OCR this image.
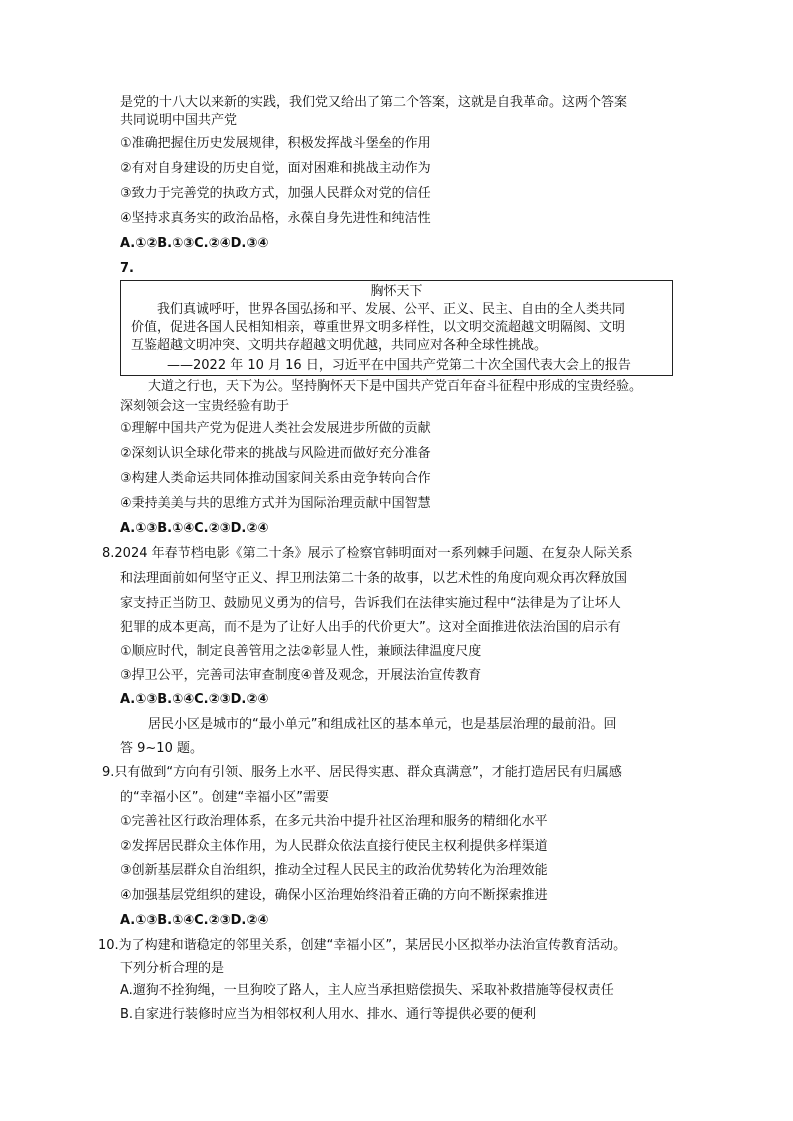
是党的十八大以来新的实践，我们党又给出了第二个答案，这就是自我革命。这两个答案
共同说明中国共产党
①准确把握住历史发展规律，积极发挥战斗堡垒的作用
②有对自身建设的历史自觉，面对困难和挑战主动作为
③致力于完善党的执政方式，加强人民群众对党的信任
④坚持求真务实的政治品格，永葆自身先进性和纯洁性
A.①②B.①③C.②④D.③④
7.
胸怀天下
我们真诚呼吁，世界各国弘扬和平、发展、公平、正义、民主、自由的全人类共同
价值，促进各国人民相知相亲，尊重世界文明多样性，以文明交流超越文明隔阂、文明
互鉴超越文明冲突、文明共存超越文明优越，共同应对各种全球性挑战。
——2022 年 10 月 16 日，习近平在中国共产党第二十次全国代表大会上的报告
大道之行也，天下为公。坚持胸怀天下是中国共产党百年奋斗征程中形成的宝贵经验。
深刻领会这一宝贵经验有助于
①理解中国共产党为促进人类社会发展进步所做的贡献
②深刻认识全球化带来的挑战与风险进而做好充分准备
③构建人类命运共同体推动国家间关系由竞争转向合作
④秉持美美与共的思维方式并为国际治理贡献中国智慧
A.①③B.①④C.②③D.②④
8.2024 年春节档电影《第二十条》展示了检察官韩明面对一系列棘手问题、在复杂人际关系
和法理面前如何坚守正义、捍卫刑法第二十条的故事，以艺术性的角度向观众再次释放国
家支持正当防卫、鼓励见义勇为的信号，告诉我们在法律实施过程中“法律是为了让坏人
犯罪的成本更高，而不是为了让好人出手的代价更大”。这对全面推进依法治国的启示有
①顺应时代，制定良善管用之法②彰显人性，兼顾法律温度尺度
③捍卫公平，完善司法审查制度④普及观念，开展法治宣传教育
A.①③B.①④C.②③D.②④
居民小区是城市的“最小单元”和组成社区的基本单元，也是基层治理的最前沿。回
答 9~10 题。
9.只有做到“方向有引领、服务上水平、居民得实惠、群众真满意”，才能打造居民有归属感
的“幸福小区”。创建“幸福小区”需要
①完善社区行政治理体系，在多元共治中提升社区治理和服务的精细化水平
②发挥居民群众主体作用，为人民群众依法直接行使民主权利提供多样渠道
③创新基层群众自治组织，推动全过程人民民主的政治优势转化为治理效能
④加强基层党组织的建设，确保小区治理始终沿着正确的方向不断探索推进
A.①③B.①④C.②③D.②④
10.为了构建和谐稳定的邻里关系，创建“幸福小区”，某居民小区拟举办法治宣传教育活动。
下列分析合理的是
A.遛狗不拴狗绳，一旦狗咬了路人，主人应当承担赔偿损失、采取补救措施等侵权责任
B.自家进行装修时应当为相邻权利人用水、排水、通行等提供必要的便利
